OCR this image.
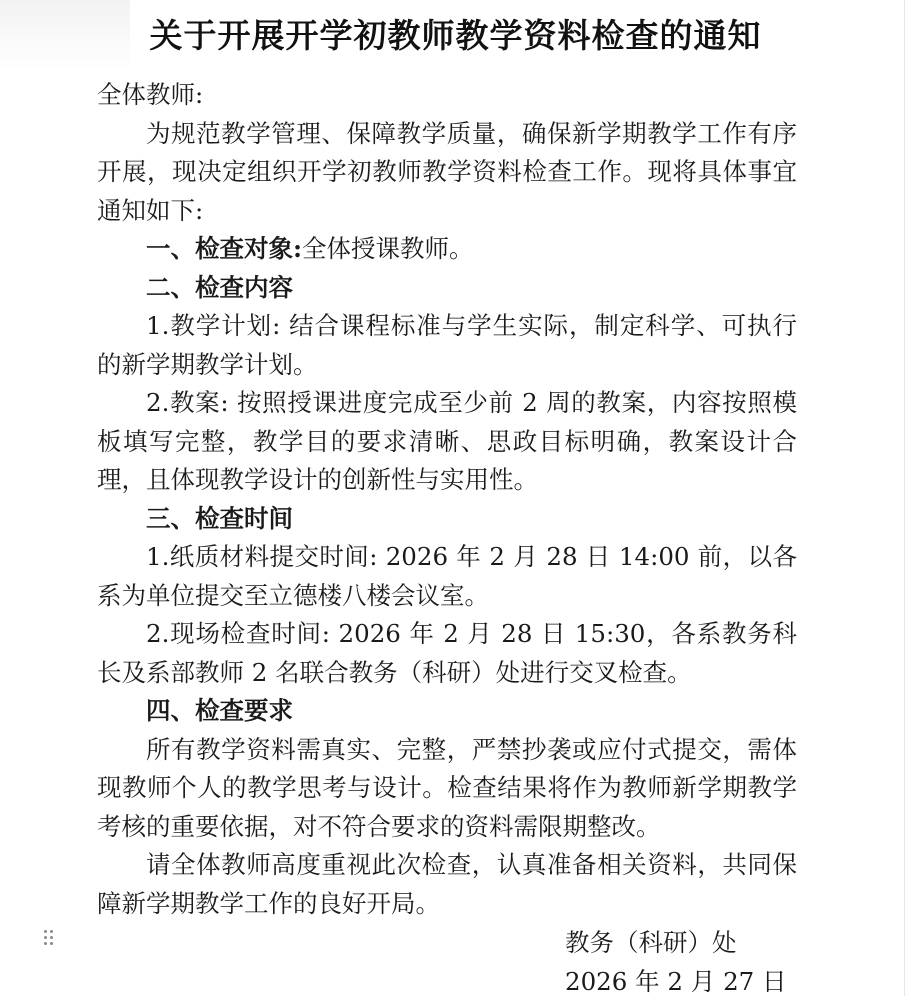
关于开展开学初教师教学资料检查的通知

全体教师:

为规范教学管理、保障教学质量，确保新学期教学工作有序开展，现决定组织开学初教师教学资料检查工作。现将具体事宜通知如下:

一、检查对象:全体授课教师。

二、检查内容

1.教学计划: 结合课程标准与学生实际，制定科学、可执行的新学期教学计划。

2.教案: 按照授课进度完成至少前 2 周的教案，内容按照模板填写完整，教学目的要求清晰、思政目标明确，教案设计合理，且体现教学设计的创新性与实用性。

三、检查时间

1.纸质材料提交时间: 2026 年 2 月 28 日 14:00 前，以各系为单位提交至立德楼八楼会议室。

2.现场检查时间: 2026 年 2 月 28 日 15:30，各系教务科长及系部教师 2 名联合教务（科研）处进行交叉检查。

四、检查要求

所有教学资料需真实、完整，严禁抄袭或应付式提交，需体现教师个人的教学思考与设计。检查结果将作为教师新学期教学考核的重要依据，对不符合要求的资料需限期整改。

请全体教师高度重视此次检查，认真准备相关资料，共同保障新学期教学工作的良好开局。

教务（科研）处
2026 年 2 月 27 日
